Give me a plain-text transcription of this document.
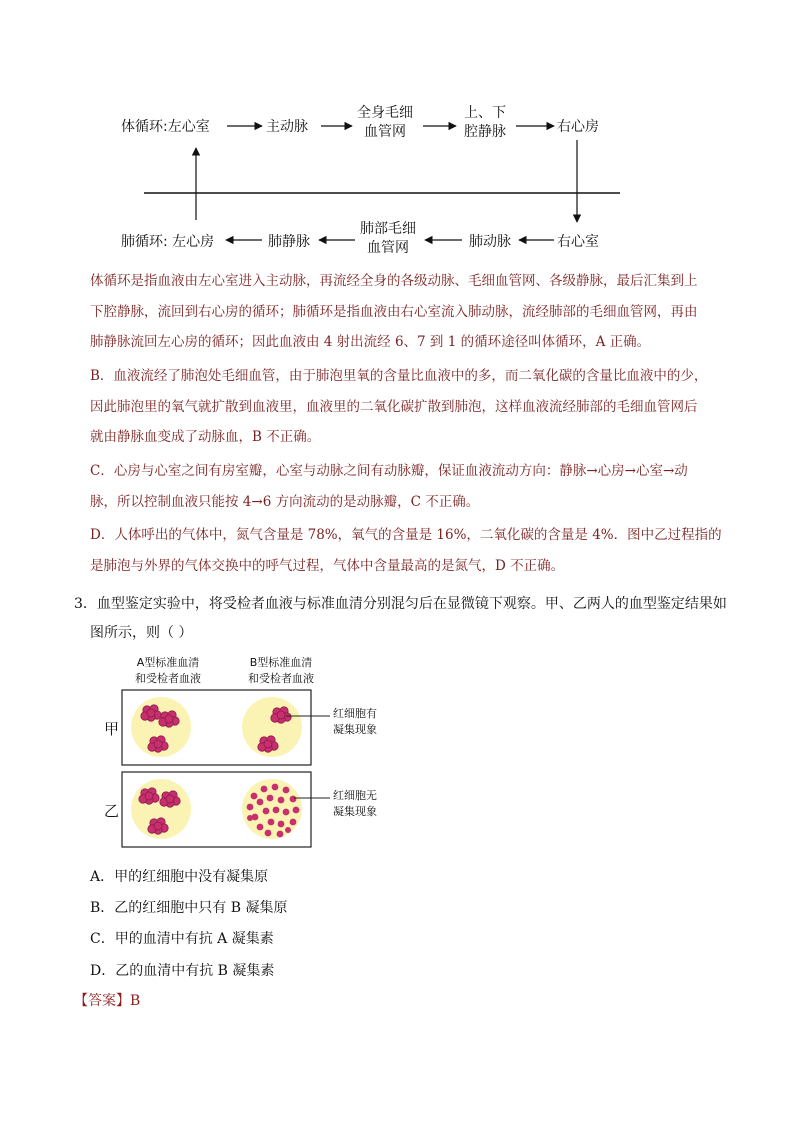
体循环:左心室	主动脉
全身毛细
血管网
上、下
腔静脉	右心房
肺循环: 左心房	肺静脉
肺部毛细
血管网	肺动脉	右心室

体循环是指血液由左心室进入主动脉，再流经全身的各级动脉、毛细血管网、各级静脉，最后汇集到上

下腔静脉，流回到右心房的循环；肺循环是指血液由右心室流入肺动脉，流经肺部的毛细血管网，再由

肺静脉流回左心房的循环；因此血液由 4 射出流经 6、7 到 1 的循环途径叫体循环，A 正确。

B．血液流经了肺泡处毛细血管，由于肺泡里氧的含量比血液中的多，而二氧化碳的含量比血液中的少，

因此肺泡里的氧气就扩散到血液里，血液里的二氧化碳扩散到肺泡，这样血液流经肺部的毛细血管网后

就由静脉血变成了动脉血，B 不正确。

C．心房与心室之间有房室瓣，心室与动脉之间有动脉瓣，保证血液流动方向：静脉→心房→心室→动

脉，所以控制血液只能按 4→6 方向流动的是动脉瓣，C 不正确。

D．人体呼出的气体中，氮气含量是 78%，氧气的含量是 16%，二氧化碳的含量是 4%．图中乙过程指的

是肺泡与外界的气体交换中的呼气过程，气体中含量最高的是氮气，D 不正确。

3．血型鉴定实验中，将受检者血液与标准血清分别混匀后在显微镜下观察。甲、乙两人的血型鉴定结果如
图所示，则（ ）
A型标准血清
和受检者血液
B型标准血清
和受检者血液
甲
乙
红细胞有
凝集现象
红细胞无
凝集现象
A．甲的红细胞中没有凝集原
B．乙的红细胞中只有 B 凝集原
C．甲的血清中有抗 A 凝集素
D．乙的血清中有抗 B 凝集素
【答案】B
